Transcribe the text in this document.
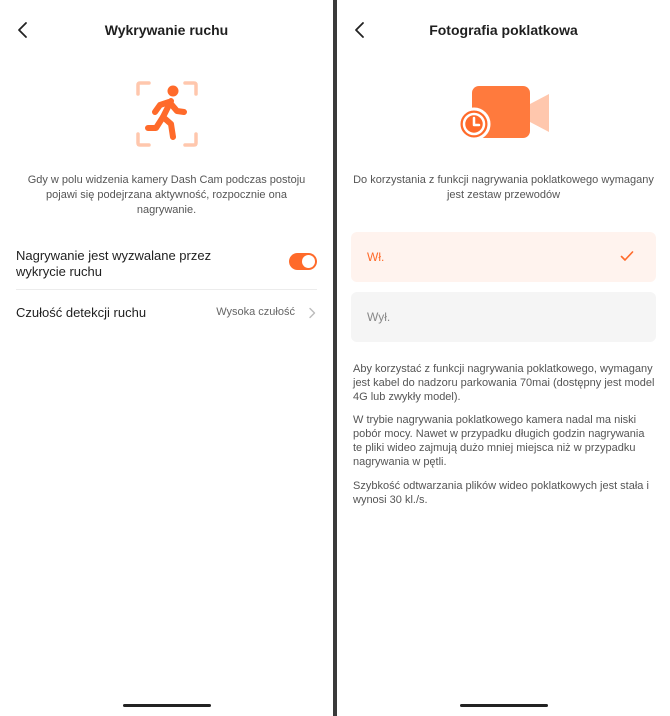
Wykrywanie ruchu
Gdy w polu widzenia kamery Dash Cam podczas postoju pojawi się podejrzana aktywność, rozpocznie ona nagrywanie.
Nagrywanie jest wyzwalane przez wykrycie ruchu
Czułość detekcji ruchu	Wysoka czułość
Fotografia poklatkowa
Do korzystania z funkcji nagrywania poklatkowego wymagany jest zestaw przewodów
Wł.
Wył.
Aby korzystać z funkcji nagrywania poklatkowego, wymagany jest kabel do nadzoru parkowania 70mai (dostępny jest model 4G lub zwykły model).
W trybie nagrywania poklatkowego kamera nadal ma niski pobór mocy. Nawet w przypadku długich godzin nagrywania te pliki wideo zajmują dużo mniej miejsca niż w przypadku nagrywania w pętli.
Szybkość odtwarzania plików wideo poklatkowych jest stała i wynosi 30 kl./s.
